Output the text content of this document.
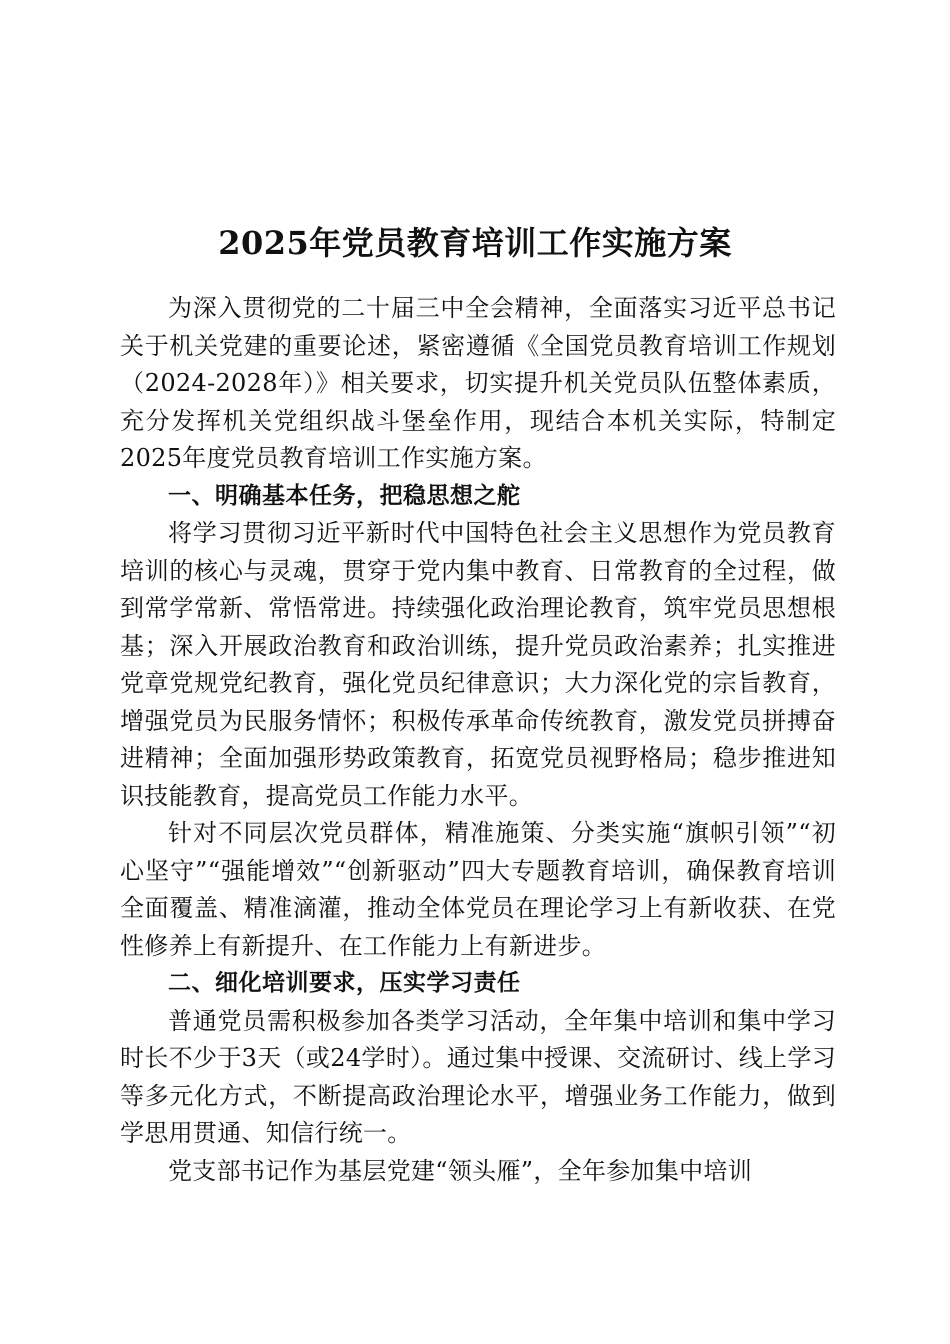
2025年党员教育培训工作实施方案

为深入贯彻党的二十届三中全会精神，全面落实习近平总书记关于机关党建的重要论述，紧密遵循《全国党员教育培训工作规划（2024-2028年）》相关要求，切实提升机关党员队伍整体素质，充分发挥机关党组织战斗堡垒作用，现结合本机关实际，特制定2025年度党员教育培训工作实施方案。

一、明确基本任务，把稳思想之舵

将学习贯彻习近平新时代中国特色社会主义思想作为党员教育培训的核心与灵魂，贯穿于党内集中教育、日常教育的全过程，做到常学常新、常悟常进。持续强化政治理论教育，筑牢党员思想根基；深入开展政治教育和政治训练，提升党员政治素养；扎实推进党章党规党纪教育，强化党员纪律意识；大力深化党的宗旨教育，增强党员为民服务情怀；积极传承革命传统教育，激发党员拼搏奋进精神；全面加强形势政策教育，拓宽党员视野格局；稳步推进知识技能教育，提高党员工作能力水平。

针对不同层次党员群体，精准施策、分类实施“旗帜引领”“初心坚守”“强能增效”“创新驱动”四大专题教育培训，确保教育培训全面覆盖、精准滴灌，推动全体党员在理论学习上有新收获、在党性修养上有新提升、在工作能力上有新进步。

二、细化培训要求，压实学习责任

普通党员需积极参加各类学习活动，全年集中培训和集中学习时长不少于3天（或24学时）。通过集中授课、交流研讨、线上学习等多元化方式，不断提高政治理论水平，增强业务工作能力，做到学思用贯通、知信行统一。

党支部书记作为基层党建“领头雁”，全年参加集中培训
